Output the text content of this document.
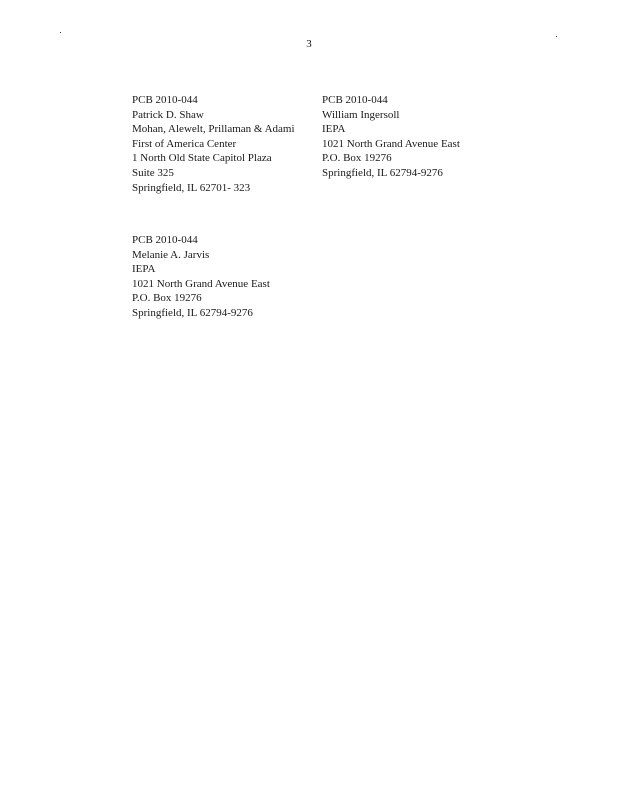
3
PCB 2010-044
Patrick D. Shaw
Mohan, Alewelt, Prillaman & Adami
First of America Center
1 North Old State Capitol Plaza
Suite 325
Springfield, IL 62701- 323
PCB 2010-044
William Ingersoll
IEPA
1021 North Grand Avenue East
P.O. Box 19276
Springfield, IL 62794-9276
PCB 2010-044
Melanie A. Jarvis
IEPA
1021 North Grand Avenue East
P.O. Box 19276
Springfield, IL 62794-9276
